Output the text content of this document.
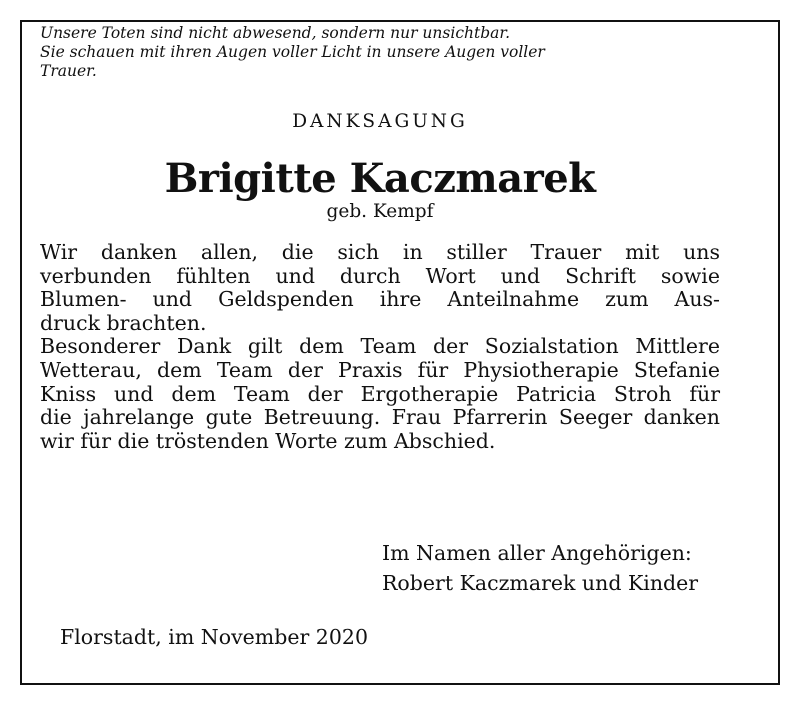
Unsere Toten sind nicht abwesend, sondern nur unsichtbar.
Sie schauen mit ihren Augen voller Licht in unsere Augen voller
Trauer.

DANKSAGUNG

Brigitte Kaczmarek

geb. Kempf

Wir danken allen, die sich in stiller Trauer mit uns
verbunden fühlten und durch Wort und Schrift sowie
Blumen- und Geldspenden ihre Anteilnahme zum Aus-
druck brachten.
Besonderer Dank gilt dem Team der Sozialstation Mittlere
Wetterau, dem Team der Praxis für Physiotherapie Stefanie
Kniss und dem Team der Ergotherapie Patricia Stroh für
die jahrelange gute Betreuung. Frau Pfarrerin Seeger danken
wir für die tröstenden Worte zum Abschied.
Im Namen aller Angehörigen:
Robert Kaczmarek und Kinder
Florstadt, im November 2020
